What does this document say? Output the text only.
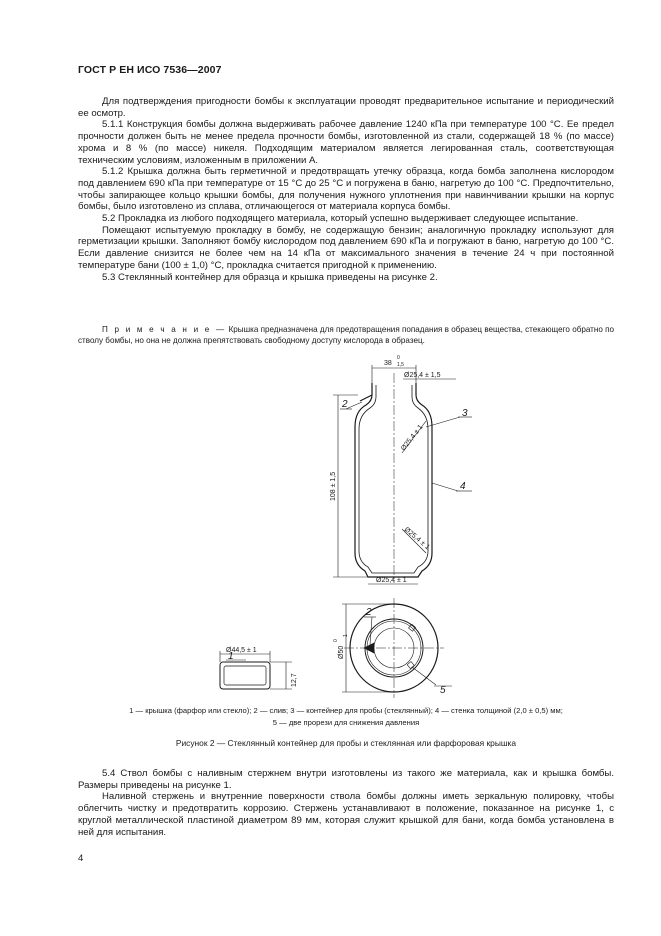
ГОСТ Р ЕН ИСО 7536—2007

Для подтверждения пригодности бомбы к эксплуатации проводят предварительное испытание и периодический ее осмотр.

5.1.1 Конструкция бомбы должна выдерживать рабочее давление 1240 кПа при температуре 100 °С. Ее предел прочности должен быть не менее предела прочности бомбы, изготовленной из стали, содержащей 18 % (по массе) хрома и 8 % (по массе) никеля. Подходящим материалом является легированная сталь, соответствующая техническим условиям, изложенным в приложении А.

5.1.2 Крышка должна быть герметичной и предотвращать утечку образца, когда бомба заполнена кислородом под давлением 690 кПа при температуре от 15 °С до 25 °С и погружена в баню, нагретую до 100 °С. Предпочтительно, чтобы запирающее кольцо крышки бомбы, для получения нужного уплотнения при навинчивании крышки на корпус бомбы, было изготовлено из сплава, отличающегося от материала корпуса бомбы.

5.2 Прокладка из любого подходящего материала, который успешно выдерживает следующее испытание.

Помещают испытуемую прокладку в бомбу, не содержащую бензин; аналогичную прокладку используют для герметизации крышки. Заполняют бомбу кислородом под давлением 690 кПа и погружают в баню, нагретую до 100 °С. Если давление снизится не более чем на 14 кПа от максимального значения в течение 24 ч при постоянной температуре бани (100 ± 1,0) °С, прокладка считается пригодной к применению.

5.3 Стеклянный контейнер для образца и крышка приведены на рисунке 2.

П р и м е ч а н и е — Крышка предназначена для предотвращения попадания в образец вещества, стекающего обратно по стволу бомбы, но она не должна препятствовать свободному доступу кислорода в образец.
38
0
1,5
Ø25,4 ± 1,5
Ø25,4 ± 1
Ø25,4 ± 1
Ø25,4 ± 1
108 ± 1,5
2
3
4
Ø44,5 ± 1
12,7
1	Ø50
0
1
2
5
1 — крышка (фарфор или стекло); 2 — слив; 3 — контейнер для пробы (стеклянный); 4 — стенка толщиной (2,0 ± 0,5) мм;
5 — две прорези для снижения давления
Рисунок 2 — Стеклянный контейнер для пробы и стеклянная или фарфоровая крышка

5.4 Ствол бомбы с наливным стержнем внутри изготовлены из такого же материала, как и крышка бомбы. Размеры приведены на рисунке 1.

Наливной стержень и внутренние поверхности ствола бомбы должны иметь зеркальную полировку, чтобы облегчить чистку и предотвратить коррозию. Стержень устанавливают в положение, показанное на рисунке 1, с круглой металлической пластиной диаметром 89 мм, которая служит крышкой для бани, когда бомба установлена в ней для испытания.

4
